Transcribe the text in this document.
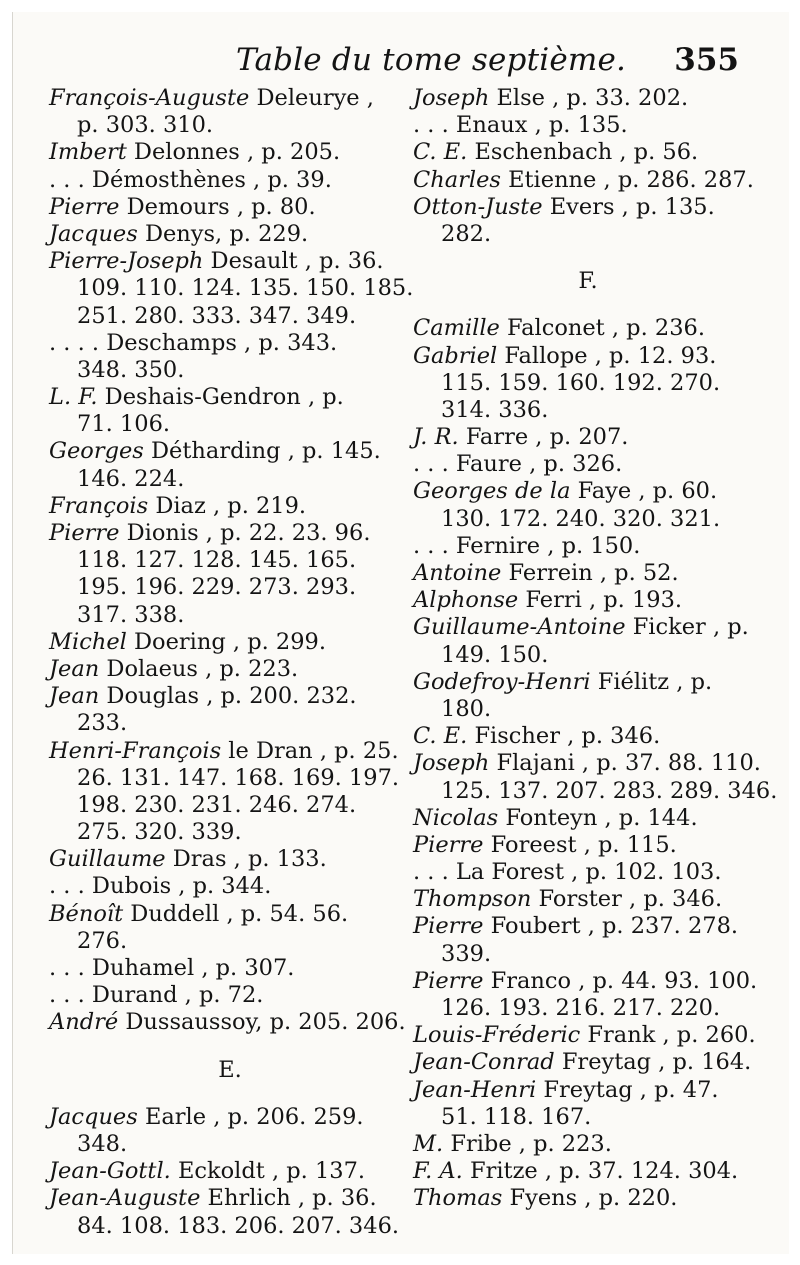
Table du tome septième. 355
François-Auguste Deleurye ,
p. 303. 310.
Imbert Delonnes , p. 205.
. . . Démosthènes , p. 39.
Pierre Demours , p. 80.
Jacques Denys, p. 229.
Pierre-Joseph Desault , p. 36.
109. 110. 124. 135. 150. 185.
251. 280. 333. 347. 349.
. . . . Deschamps , p. 343.
348. 350.
L. F. Deshais-Gendron , p.
71. 106.
Georges Détharding , p. 145.
146. 224.
François Diaz , p. 219.
Pierre Dionis , p. 22. 23. 96.
118. 127. 128. 145. 165.
195. 196. 229. 273. 293.
317. 338.
Michel Doering , p. 299.
Jean Dolaeus , p. 223.
Jean Douglas , p. 200. 232.
233.
Henri-François le Dran , p. 25.
26. 131. 147. 168. 169. 197.
198. 230. 231. 246. 274.
275. 320. 339.
Guillaume Dras , p. 133.
. . . Dubois , p. 344.
Bénoît Duddell , p. 54. 56.
276.
. . . Duhamel , p. 307.
. . . Durand , p. 72.
André Dussaussoy, p. 205. 206.
E.
Jacques Earle , p. 206. 259.
348.
Jean-Gottl. Eckoldt , p. 137.
Jean-Auguste Ehrlich , p. 36.
84. 108. 183. 206. 207. 346.
Joseph Else , p. 33. 202.
. . . Enaux , p. 135.
C. E. Eschenbach , p. 56.
Charles Etienne , p. 286. 287.
Otton-Juste Evers , p. 135.
282.
F.
Camille Falconet , p. 236.
Gabriel Fallope , p. 12. 93.
115. 159. 160. 192. 270.
314. 336.
J. R. Farre , p. 207.
. . . Faure , p. 326.
Georges de la Faye , p. 60.
130. 172. 240. 320. 321.
. . . Fernire , p. 150.
Antoine Ferrein , p. 52.
Alphonse Ferri , p. 193.
Guillaume-Antoine Ficker , p.
149. 150.
Godefroy-Henri Fiélitz , p.
180.
C. E. Fischer , p. 346.
Joseph Flajani , p. 37. 88. 110.
125. 137. 207. 283. 289. 346.
Nicolas Fonteyn , p. 144.
Pierre Foreest , p. 115.
. . . La Forest , p. 102. 103.
Thompson Forster , p. 346.
Pierre Foubert , p. 237. 278.
339.
Pierre Franco , p. 44. 93. 100.
126. 193. 216. 217. 220.
Louis-Fréderic Frank , p. 260.
Jean-Conrad Freytag , p. 164.
Jean-Henri Freytag , p. 47.
51. 118. 167.
M. Fribe , p. 223.
F. A. Fritze , p. 37. 124. 304.
Thomas Fyens , p. 220.
